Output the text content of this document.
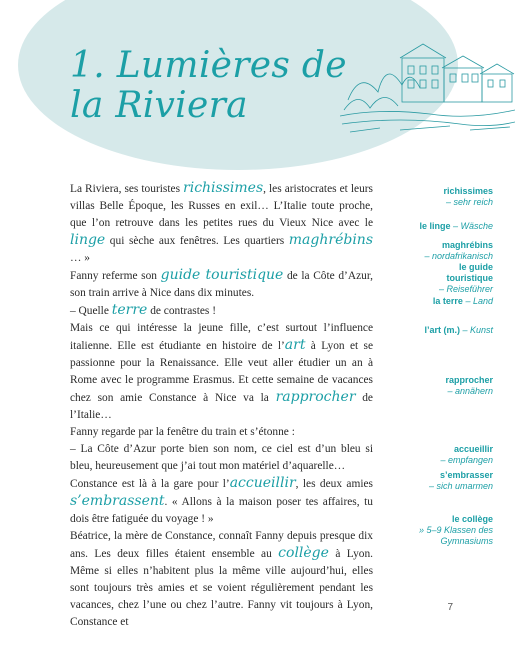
1. Lumières de la Riviera

La Riviera, ses touristes richissimes, les aristocrates et leurs villas Belle Époque, les Russes en exil… L’Italie toute proche, que l’on retrouve dans les petites rues du Vieux Nice avec le linge qui sèche aux fenêtres. Les quartiers maghrébins … »

Fanny referme son guide touristique de la Côte d’Azur, son train arrive à Nice dans dix minutes.

– Quelle terre de contrastes !

Mais ce qui intéresse la jeune fille, c’est surtout l’influence italienne. Elle est étudiante en histoire de l’art à Lyon et se passionne pour la Renaissance. Elle veut aller étudier un an à Rome avec le programme Erasmus. Et cette semaine de vacances chez son amie Constance à Nice va la rapprocher de l’Italie…

Fanny regarde par la fenêtre du train et s’étonne :

– La Côte d’Azur porte bien son nom, ce ciel est d’un bleu si bleu, heureusement que j’ai tout mon matériel d’aquarelle…

Constance est là à la gare pour l’accueillir, les deux amies s’embrassent. « Allons à la maison poser tes affaires, tu dois être fatiguée du voyage ! »

Béatrice, la mère de Constance, connaît Fanny depuis presque dix ans. Les deux filles étaient ensemble au collège à Lyon. Même si elles n’habitent plus la même ville aujourd’hui, elles sont toujours très amies et se voient régulièrement pendant les vacances, chez l’une ou chez l’autre. Fanny vit toujours à Lyon, Constance et

richissimes
– sehr reich
le linge – Wäsche
maghrébins
– nordafrikanisch
le guide touristique
– Reiseführer
la terre – Land
l’art (m.) – Kunst
rapprocher
– annähern
accueillir
– empfangen
s’embrasser
– sich umarmen
le collège
» 5–9 Klassen des Gymnasiums
7
